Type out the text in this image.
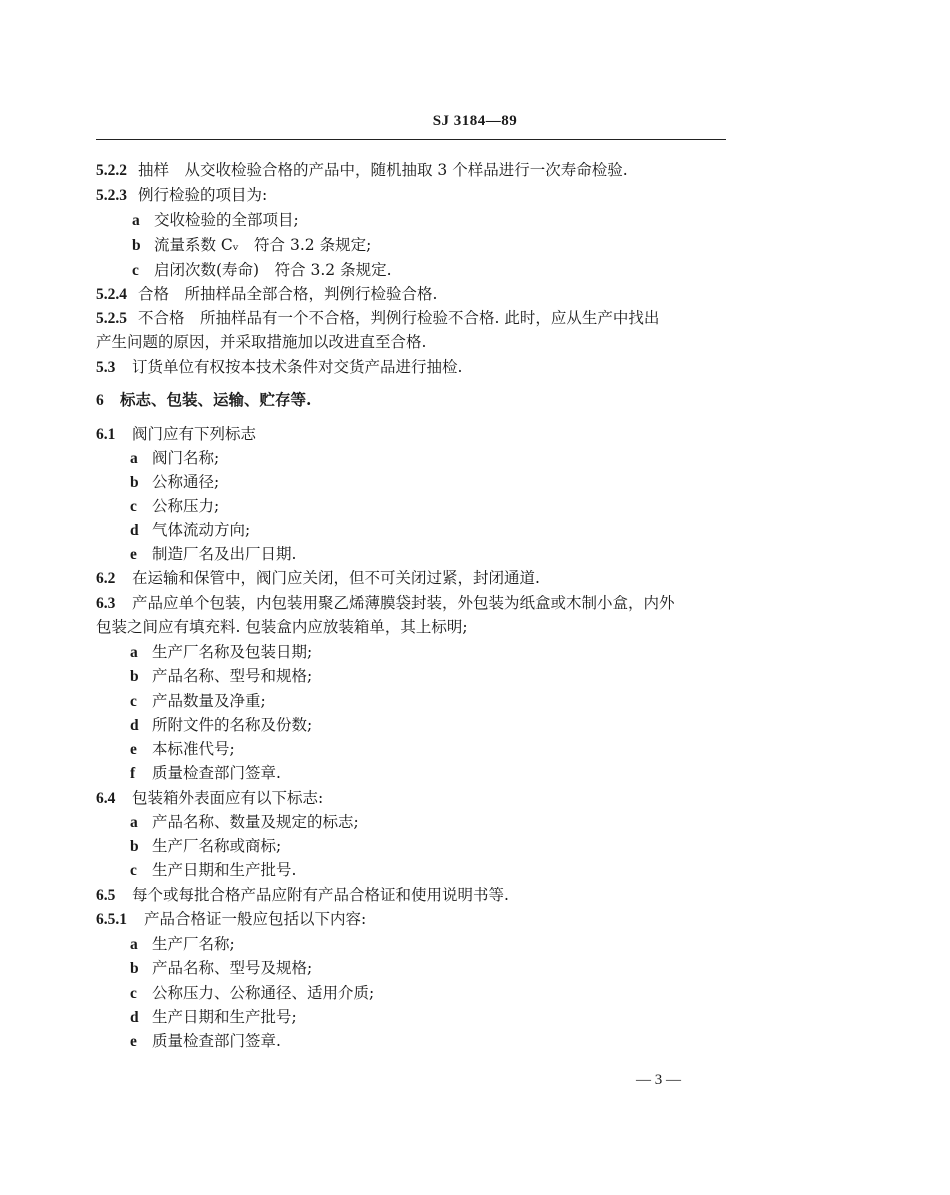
SJ 3184—89
5.2.2 抽样　从交收检验合格的产品中，随机抽取 3 个样品进行一次寿命检验.
5.2.3 例行检验的项目为:
a 交收检验的全部项目;
b 流量系数 Cᵥ　符合 3.2 条规定;
c 启闭次数(寿命)　符合 3.2 条规定.
5.2.4 合格　所抽样品全部合格，判例行检验合格.
5.2.5 不合格　所抽样品有一个不合格，判例行检验不合格. 此时，应从生产中找出
产生问题的原因，并采取措施加以改进直至合格.
5.3 订货单位有权按本技术条件对交货产品进行抽检.
6 标志、包装、运输、贮存等.
6.1 阀门应有下列标志
a 阀门名称;
b 公称通径;
c 公称压力;
d 气体流动方向;
e 制造厂名及出厂日期.
6.2 在运输和保管中，阀门应关闭，但不可关闭过紧，封闭通道.
6.3 产品应单个包装，内包装用聚乙烯薄膜袋封装，外包装为纸盒或木制小盒，内外
包装之间应有填充料. 包装盒内应放装箱单，其上标明;
a 生产厂名称及包装日期;
b 产品名称、型号和规格;
c 产品数量及净重;
d 所附文件的名称及份数;
e 本标准代号;
f 质量检查部门签章.
6.4 包装箱外表面应有以下标志:
a 产品名称、数量及规定的标志;
b 生产厂名称或商标;
c 生产日期和生产批号.
6.5 每个或每批合格产品应附有产品合格证和使用说明书等.
6.5.1 产品合格证一般应包括以下内容:
a 生产厂名称;
b 产品名称、型号及规格;
c 公称压力、公称通径、适用介质;
d 生产日期和生产批号;
e 质量检查部门签章.
— 3 —
